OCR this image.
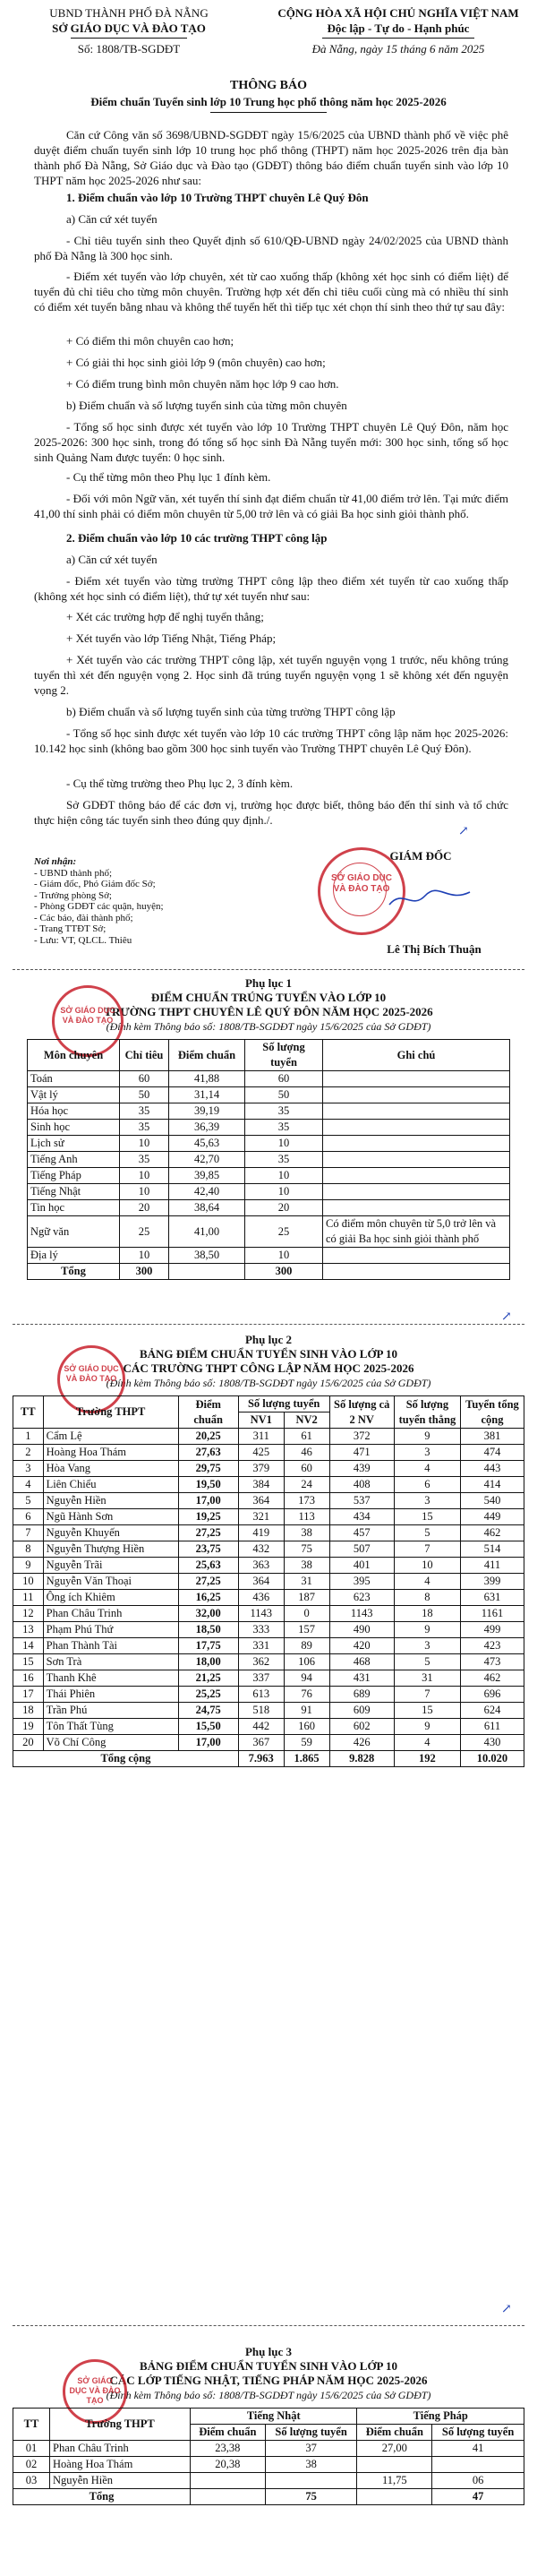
UBND THÀNH PHỐ ĐÀ NẴNG
SỞ GIÁO DỤC VÀ ĐÀO TẠO
Số: 1808/TB-SGDĐT
CỘNG HÒA XÃ HỘI CHỦ NGHĨA VIỆT NAM
Độc lập - Tự do - Hạnh phúc
Đà Nẵng, ngày 15 tháng 6 năm 2025
THÔNG BÁO
Điểm chuẩn Tuyển sinh lớp 10 Trung học phổ thông năm học 2025-2026
Căn cứ Công văn số 3698/UBND-SGDĐT ngày 15/6/2025 của UBND thành phố về việc phê duyệt điểm chuẩn tuyển sinh lớp 10 trung học phổ thông (THPT) năm học 2025-2026 trên địa bàn thành phố Đà Nẵng, Sở Giáo dục và Đào tạo (GDĐT) thông báo điểm chuẩn tuyển sinh vào lớp 10 THPT năm học 2025-2026 như sau:
1. Điểm chuẩn vào lớp 10 Trường THPT chuyên Lê Quý Đôn
a) Căn cứ xét tuyển
- Chỉ tiêu tuyển sinh theo Quyết định số 610/QĐ-UBND ngày 24/02/2025 của UBND thành phố Đà Nẵng là 300 học sinh.
- Điểm xét tuyển vào lớp chuyên, xét từ cao xuống thấp (không xét học sinh có điểm liệt) để tuyển đủ chỉ tiêu cho từng môn chuyên. Trường hợp xét đến chỉ tiêu cuối cùng mà có nhiều thí sinh có điểm xét tuyển bằng nhau và không thể tuyển hết thì tiếp tục xét chọn thí sinh theo thứ tự sau đây:
+ Có điểm thi môn chuyên cao hơn;
+ Có giải thi học sinh giỏi lớp 9 (môn chuyên) cao hơn;
+ Có điểm trung bình môn chuyên năm học lớp 9 cao hơn.
b) Điểm chuẩn và số lượng tuyển sinh của từng môn chuyên
- Tổng số học sinh được xét tuyển vào lớp 10 Trường THPT chuyên Lê Quý Đôn, năm học 2025-2026: 300 học sinh, trong đó tổng số học sinh Đà Nẵng tuyển mới: 300 học sinh, tổng số học sinh Quảng Nam được tuyển: 0 học sinh.
- Cụ thể từng môn theo Phụ lục 1 đính kèm.
- Đối với môn Ngữ văn, xét tuyển thí sinh đạt điểm chuẩn từ 41,00 điểm trở lên. Tại mức điểm 41,00 thí sinh phải có điểm môn chuyên từ 5,00 trở lên và có giải Ba học sinh giỏi thành phố.
2. Điểm chuẩn vào lớp 10 các trường THPT công lập
a) Căn cứ xét tuyển
- Điểm xét tuyển vào từng trường THPT công lập theo điểm xét tuyển từ cao xuống thấp (không xét học sinh có điểm liệt), thứ tự xét tuyển như sau:
+ Xét các trường hợp để nghị tuyển thẳng;
+ Xét tuyển vào lớp Tiếng Nhật, Tiếng Pháp;
+ Xét tuyển vào các trường THPT công lập, xét tuyển nguyện vọng 1 trước, nếu không trúng tuyển thì xét đến nguyện vọng 2. Học sinh đã trúng tuyển nguyện vọng 1 sẽ không xét đến nguyện vọng 2.
b) Điểm chuẩn và số lượng tuyển sinh của từng trường THPT công lập
- Tổng số học sinh được xét tuyển vào lớp 10 các trường THPT công lập năm học 2025-2026: 10.142 học sinh (không bao gồm 300 học sinh tuyển vào Trường THPT chuyên Lê Quý Đôn).
- Cụ thể từng trường theo Phụ lục 2, 3 đính kèm.
Sở GDĐT thông báo để các đơn vị, trường học được biết, thông báo đến thí sinh và tổ chức thực hiện công tác tuyển sinh theo đúng quy định./.
↗
Nơi nhận:
- UBND thành phố;
- Giám đốc, Phó Giám đốc Sở;
- Trưởng phòng Sở;
- Phòng GDĐT các quận, huyện;
- Các báo, đài thành phố;
- Trang TTĐT Sở;
- Lưu: VT, QLCL. Thiêu
GIÁM ĐỐC
SỞ GIÁO DỤC VÀ ĐÀO TẠO
Lê Thị Bích Thuận
Phụ lục 1
ĐIỂM CHUẨN TRÚNG TUYỂN VÀO LỚP 10
TRƯỜNG THPT CHUYÊN LÊ QUÝ ĐÔN NĂM HỌC 2025-2026
(Đính kèm Thông báo số: 1808/TB-SGDĐT ngày 15/6/2025 của Sở GDĐT)
SỞ GIÁO DỤC VÀ ĐÀO TẠO
Môn chuyên	Chỉ tiêu	Điểm chuẩn	Số lượng tuyển	Ghi chú
Toán	60	41,88	60	
Vật lý	50	31,14	50	
Hóa học	35	39,19	35	
Sinh học	35	36,39	35	
Lịch sử	10	45,63	10	
Tiếng Anh	35	42,70	35	
Tiếng Pháp	10	39,85	10	
Tiếng Nhật	10	42,40	10	
Tin học	20	38,64	20	
Ngữ văn	25	41,00	25	Có điểm môn chuyên từ 5,0 trở lên và có giải Ba học sinh giỏi thành phố
Địa lý	10	38,50	10	
Tổng	300		300	
↗
Phụ lục 2
BẢNG ĐIỂM CHUẨN TUYỂN SINH VÀO LỚP 10
CÁC TRƯỜNG THPT CÔNG LẬP NĂM HỌC 2025-2026
(Đính kèm Thông báo số: 1808/TB-SGDĐT ngày 15/6/2025 của Sở GDĐT)
SỞ GIÁO DỤC VÀ ĐÀO TẠO
TT	Trường THPT	Điểm chuẩn	Số lượng tuyển		Số lượng cả 2 NV	Số lượng tuyển thẳng	Tuyển tổng cộng
			NV1	NV2			
1	Cẩm Lệ	20,25	311	61	372	9	381
2	Hoàng Hoa Thám	27,63	425	46	471	3	474
3	Hòa Vang	29,75	379	60	439	4	443
4	Liên Chiểu	19,50	384	24	408	6	414
5	Nguyễn Hiền	17,00	364	173	537	3	540
6	Ngũ Hành Sơn	19,25	321	113	434	15	449
7	Nguyễn Khuyến	27,25	419	38	457	5	462
8	Nguyễn Thượng Hiền	23,75	432	75	507	7	514
9	Nguyễn Trãi	25,63	363	38	401	10	411
10	Nguyễn Văn Thoại	27,25	364	31	395	4	399
11	Ông ích Khiêm	16,25	436	187	623	8	631
12	Phan Châu Trinh	32,00	1143	0	1143	18	1161
13	Phạm Phú Thứ	18,50	333	157	490	9	499
14	Phan Thành Tài	17,75	331	89	420	3	423
15	Sơn Trà	18,00	362	106	468	5	473
16	Thanh Khê	21,25	337	94	431	31	462
17	Thái Phiên	25,25	613	76	689	7	696
18	Trần Phú	24,75	518	91	609	15	624
19	Tôn Thất Tùng	15,50	442	160	602	9	611
20	Võ Chí Công	17,00	367	59	426	4	430
Tổng cộng			7.963	1.865	9.828	192	10.020
↗
Phụ lục 3
BẢNG ĐIỂM CHUẨN TUYỂN SINH VÀO LỚP 10
CÁC LỚP TIẾNG NHẬT, TIẾNG PHÁP NĂM HỌC 2025-2026
(Đính kèm Thông báo số: 1808/TB-SGDĐT ngày 15/6/2025 của Sở GDĐT)
SỞ GIÁO DỤC VÀ ĐÀO TẠO
TT	Trường THPT	Tiếng Nhật		Tiếng Pháp	
		Điểm chuẩn	Số lượng tuyển	Điểm chuẩn	Số lượng tuyển
01	Phan Châu Trinh	23,38	37	27,00	41
02	Hoàng Hoa Thám	20,38	38		
03	Nguyễn Hiền			11,75	06
Tổng			75		47
